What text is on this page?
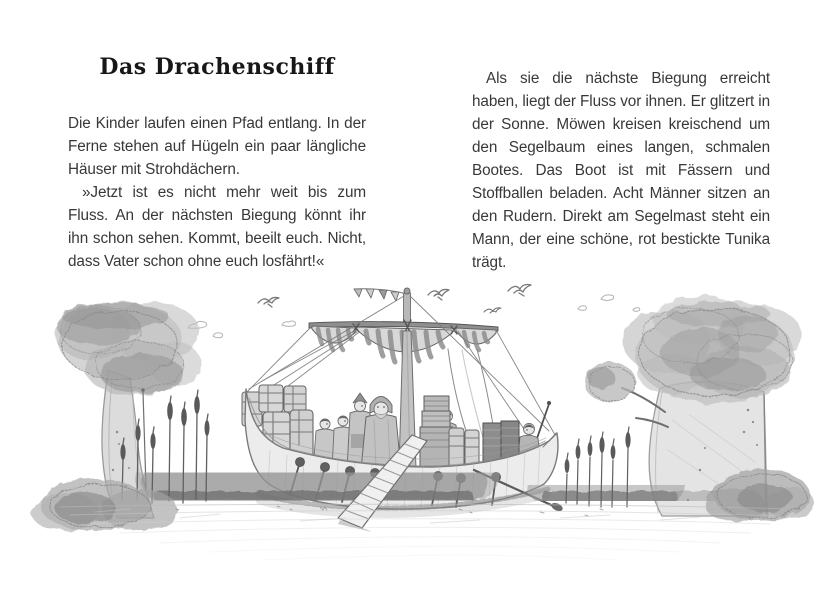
Das Drachenschiff

Die Kinder laufen einen Pfad entlang. In der Ferne stehen auf Hügeln ein paar längliche Häuser mit Strohdächern.

»Jetzt ist es nicht mehr weit bis zum Fluss. An der nächsten Biegung könnt ihr ihn schon sehen. Kommt, beeilt euch. Nicht, dass Vater schon ohne euch losfährt!«

Als sie die nächste Biegung erreicht haben, liegt der Fluss vor ihnen. Er glitzert in der Sonne. Möwen kreisen kreischend um den Segelbaum eines langen, schmalen Bootes. Das Boot ist mit Fässern und Stoffballen beladen. Acht Männer sitzen an den Rudern. Direkt am Segelmast steht ein Mann, der eine schöne, rot bestickte Tunika trägt.
